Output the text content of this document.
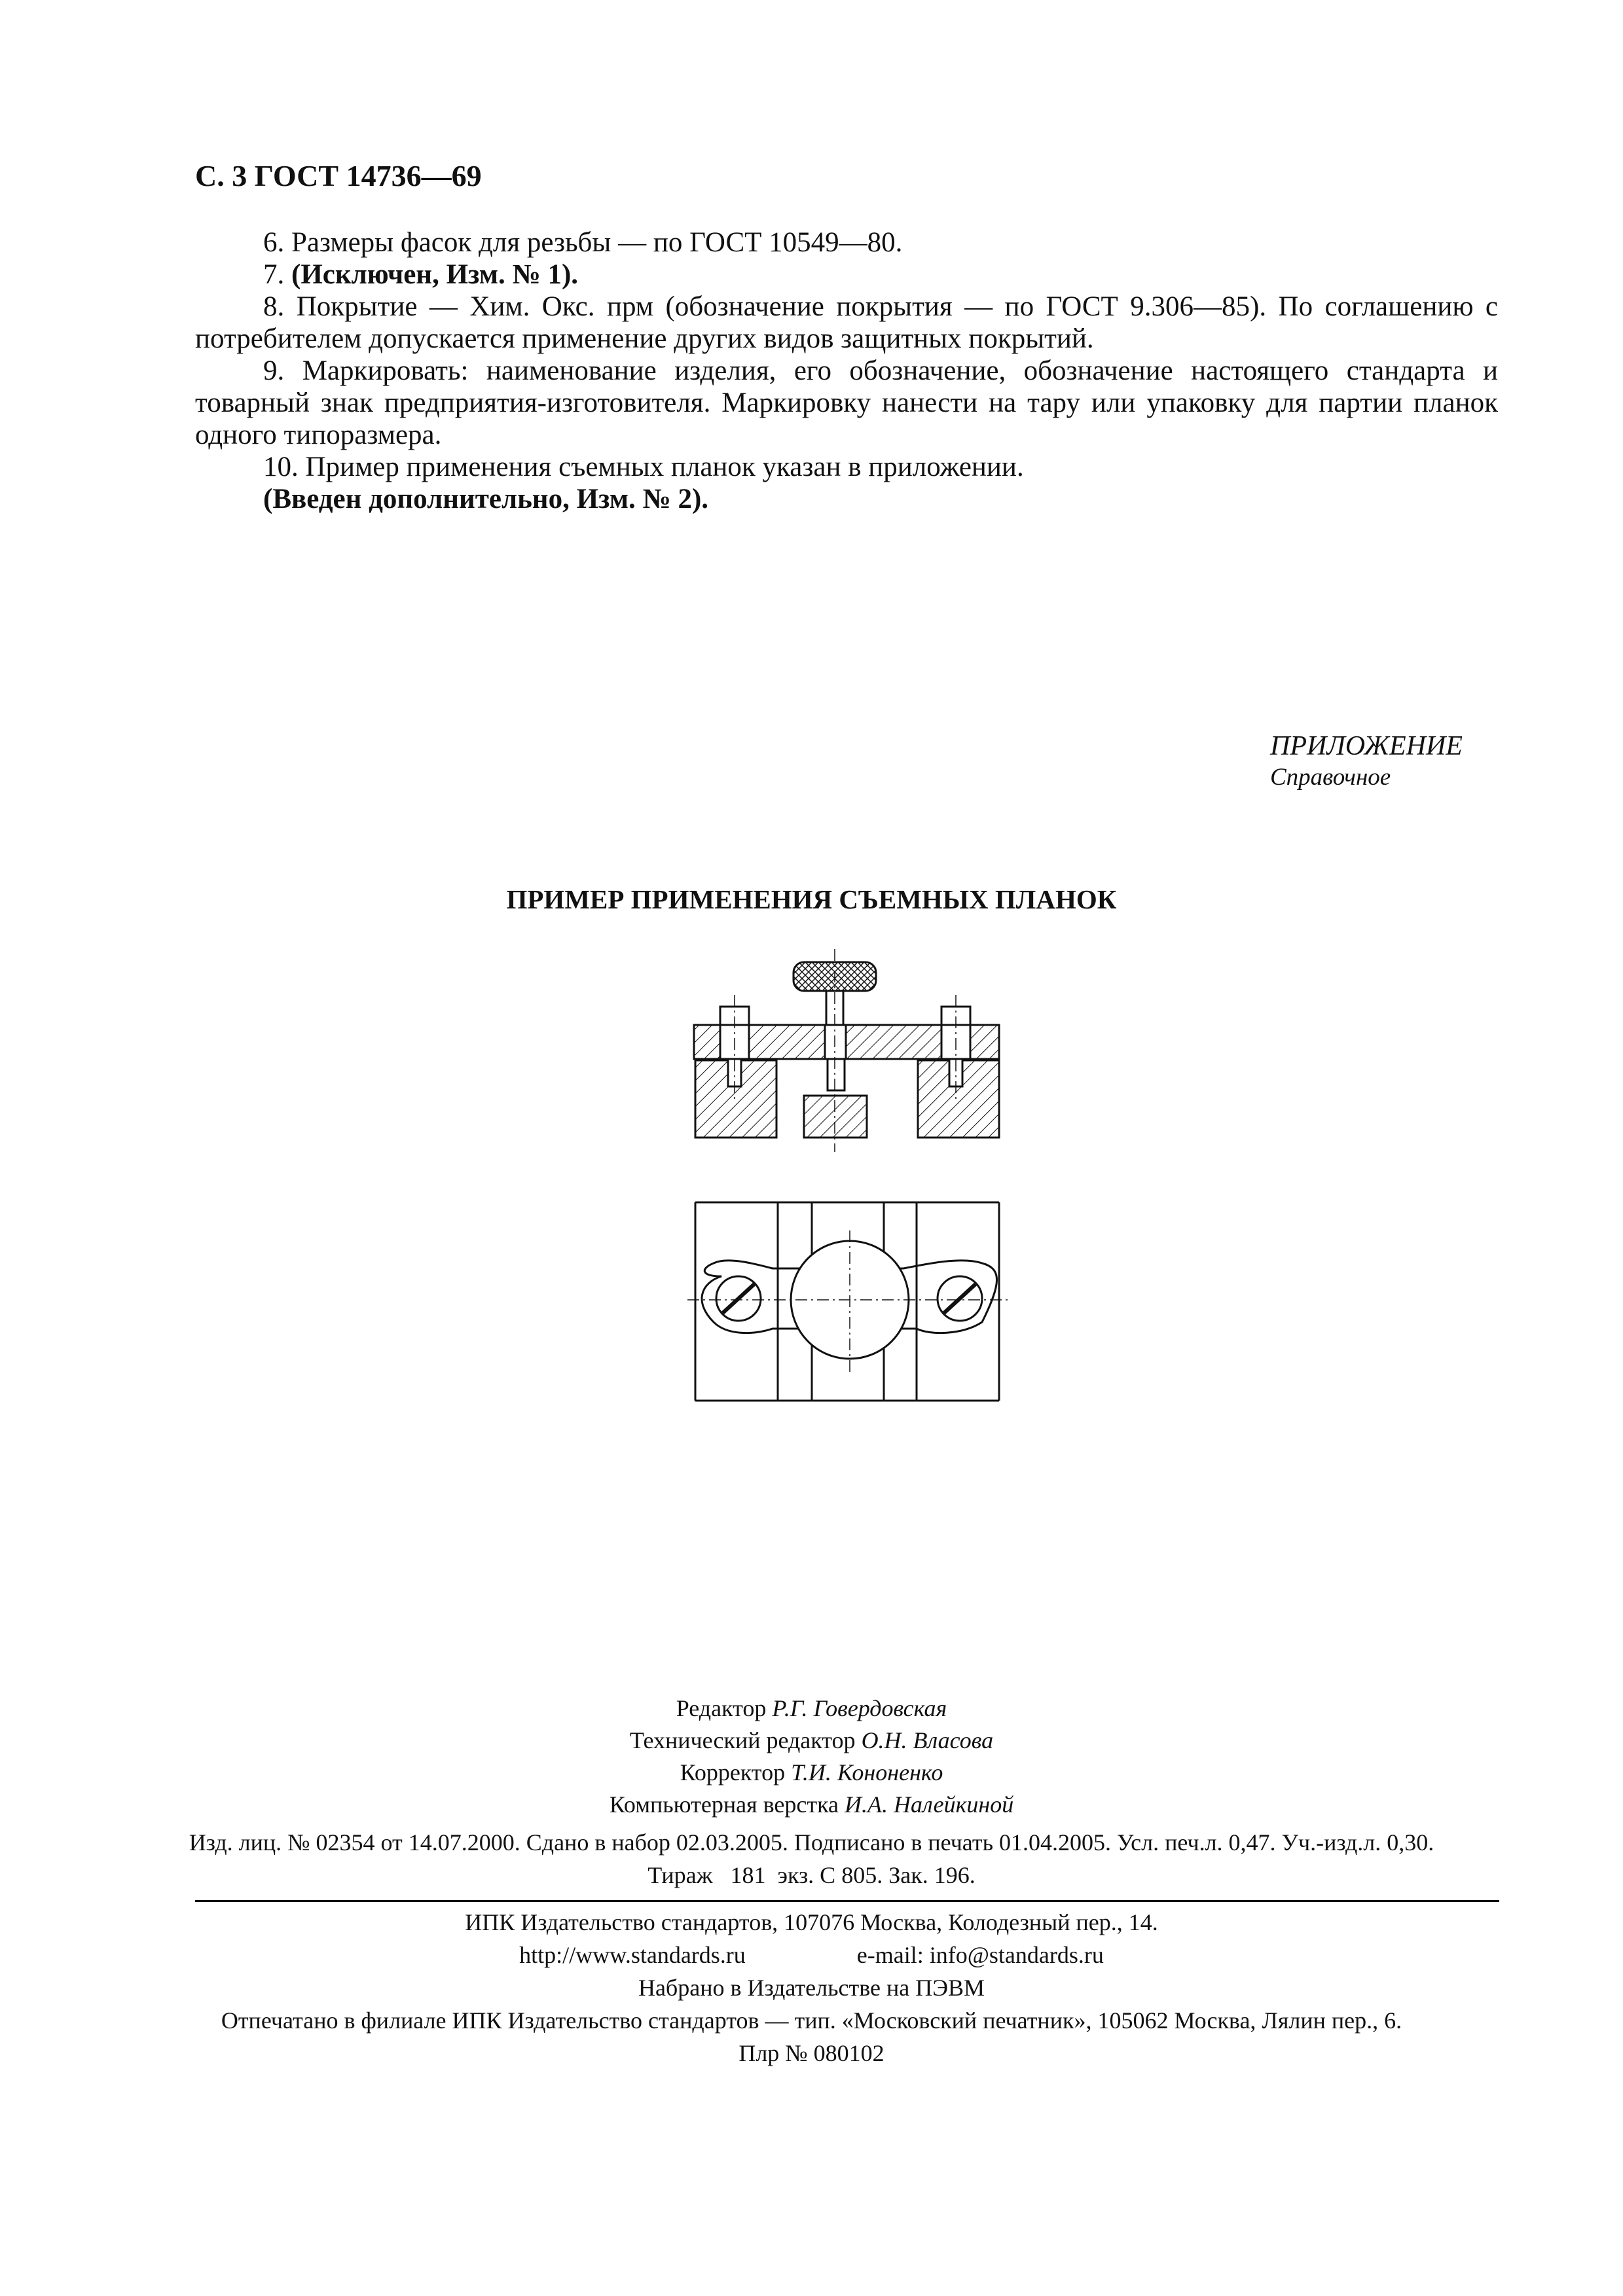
С. 3 ГОСТ 14736—69

6. Размеры фасок для резьбы — по ГОСТ 10549—80.

7. (Исключен, Изм. № 1).

8. Покрытие — Хим. Окс. прм (обозначение покрытия — по ГОСТ 9.306—85). По соглашению с потребителем допускается применение других видов защитных покрытий.

9. Маркировать: наименование изделия, его обозначение, обозначение настоящего стандарта и товарный знак предприятия-изготовителя. Маркировку нанести на тару или упаковку для партии планок одного типоразмера.

10. Пример применения съемных планок указан в приложении.

(Введен дополнительно, Изм. № 2).

ПРИЛОЖЕНИЕ
Справочное
ПРИМЕР ПРИМЕНЕНИЯ СЪЕМНЫХ ПЛАНОК
Редактор Р.Г. Говердовская
Технический редактор О.Н. Власова
Корректор Т.И. Кононенко
Компьютерная верстка И.А. Налейкиной
Изд. лиц. № 02354 от 14.07.2000. Сдано в набор 02.03.2005. Подписано в печать 01.04.2005. Усл. печ.л. 0,47. Уч.-изд.л. 0,30.
Тираж   181  экз. С 805. Зак. 196.
ИПК Издательство стандартов, 107076 Москва, Колодезный пер., 14.
http://www.standards.ru	e-mail: info@standards.ru
Набрано в Издательстве на ПЭВМ
Отпечатано в филиале ИПК Издательство стандартов — тип. «Московский печатник», 105062 Москва, Лялин пер., 6.
Плр № 080102
